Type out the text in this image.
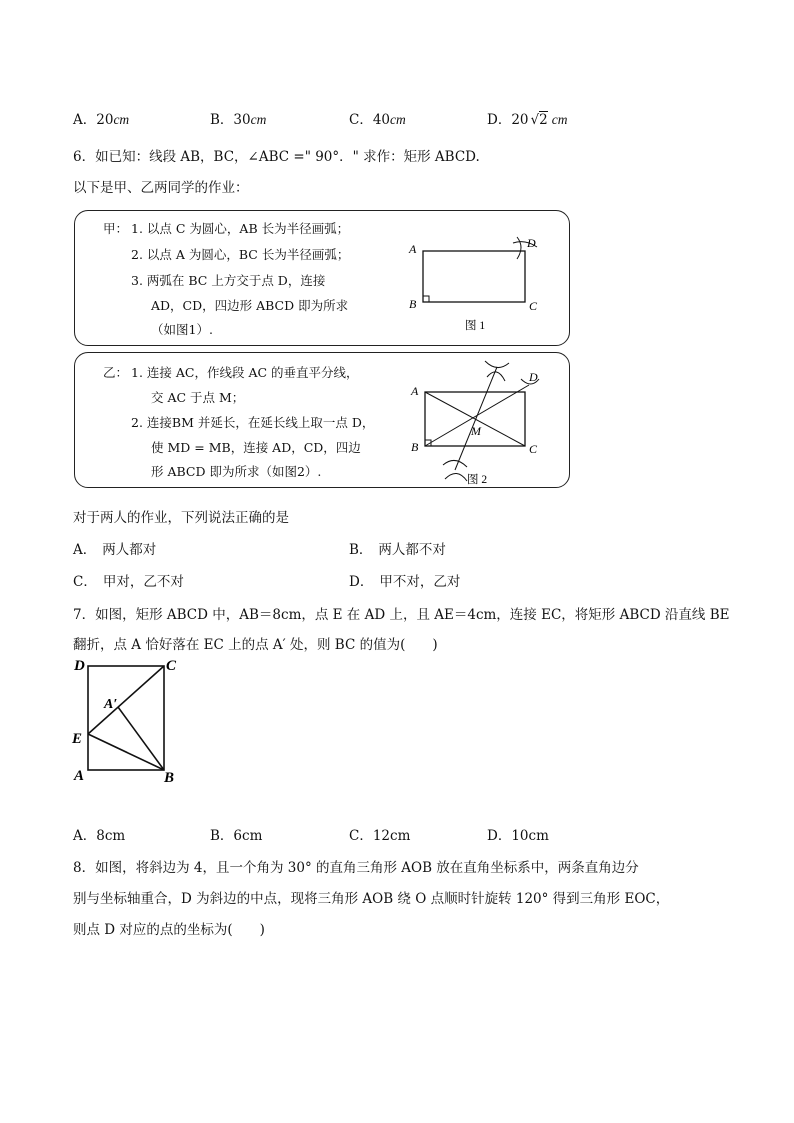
A．20cm	B．30cm	C．40cm	D．20 √2 cm
6．如已知：线段 AB，BC，∠ABC =" 90°．" 求作：矩形 ABCD.
以下是甲、乙两同学的作业：
甲： 1. 以点 C 为圆心，AB 长为半径画弧；
2. 以点 A 为圆心，BC 长为半径画弧；
3. 两弧在 BC 上方交于点 D，连接
AD，CD，四边形 ABCD 即为所求
（如图1）.
A
B	C
D
图 1
乙： 1. 连接 AC，作线段 AC 的垂直平分线，
交 AC 于点 M；
2. 连接BM 并延长，在延长线上取一点 D，
使 MD = MB，连接 AD，CD，四边
形 ABCD 即为所求（如图2）.
A
B	C
D
M
图 2
对于两人的作业，下列说法正确的是
A． 两人都对	B． 两人都不对
C． 甲对，乙不对	D． 甲不对，乙对
7．如图，矩形 ABCD 中，AB＝8cm，点 E 在 AD 上，且 AE＝4cm，连接 EC，将矩形 ABCD 沿直线 BE
翻折，点 A 恰好落在 EC 上的点 A′ 处，则 BC 的值为(　　)
D	C
A′
E
A	B
A．8cm	B．6cm	C．12cm	D．10cm
8．如图，将斜边为 4，且一个角为 30° 的直角三角形 AOB 放在直角坐标系中，两条直角边分
别与坐标轴重合，D 为斜边的中点，现将三角形 AOB 绕 O 点顺时针旋转 120° 得到三角形 EOC，
则点 D 对应的点的坐标为(　　)
